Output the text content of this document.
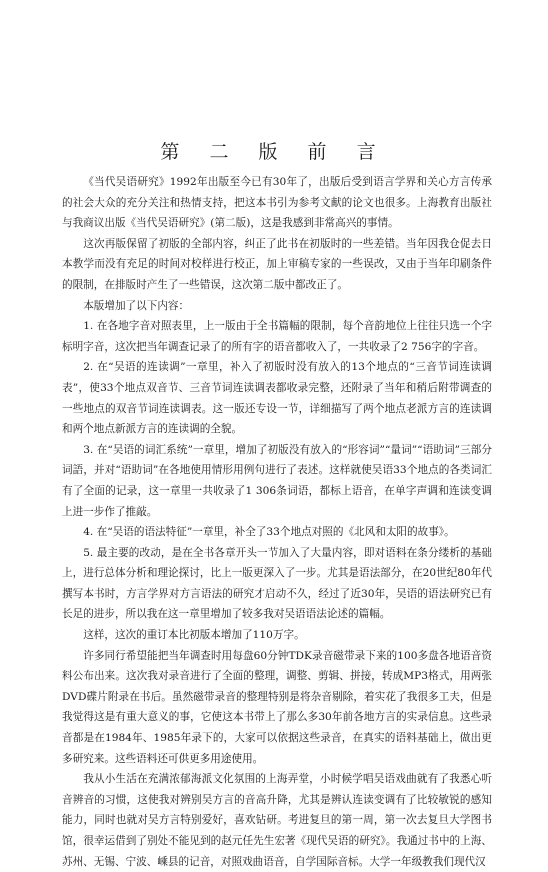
第 二 版 前 言

《当代吴语研究》1992年出版至今已有30年了，出版后受到语言学界和关心方言传承的社会大众的充分关注和热情支持，把这本书引为参考文献的论文也很多。上海教育出版社与我商议出版《当代吴语研究》(第二版)，这是我感到非常高兴的事情。

这次再版保留了初版的全部内容，纠正了此书在初版时的一些差错。当年因我仓促去日本教学而没有充足的时间对校样进行校正，加上审稿专家的一些误改，又由于当年印刷条件的限制，在排版时产生了一些错误，这次第二版中都改正了。

本版增加了以下内容：

1. 在各地字音对照表里，上一版由于全书篇幅的限制，每个音韵地位上往往只选一个字标明字音，这次把当年调查记录了的所有字的语音都收入了，一共收录了2 756字的字音。

2. 在“吴语的连读调”一章里，补入了初版时没有放入的13个地点的“三音节词连读调表”，使33个地点双音节、三音节词连读调表都收录完整，还附录了当年和稍后附带调查的一些地点的双音节词连读调表。这一版还专设一节，详细描写了两个地点老派方言的连读调和两个地点新派方言的连读调的全貌。

3. 在“吴语的词汇系统”一章里，增加了初版没有放入的“形容词”“量词”“语助词”三部分词語，并对“语助词”在各地使用情形用例句进行了表述。这样就使吴语33个地点的各类词汇有了全面的记录，这一章里一共收录了1 306条词语，都标上语音，在单字声调和连读变调上进一步作了推敲。

4. 在“吴语的语法特征”一章里，补全了33个地点对照的《北风和太阳的故事》。

5. 最主要的改动，是在全书各章开头一节加入了大量内容，即对语料在条分缕析的基础上，进行总体分析和理论探讨，比上一版更深入了一步。尤其是语法部分，在20世纪80年代撰写本书时，方言学界对方言语法的研究才启动不久，经过了近30年，吴语的语法研究已有长足的进步，所以我在这一章里增加了较多我对吴语语法论述的篇幅。

这样，这次的重订本比初版本增加了110万字。

许多同行希望能把当年调查时用每盘60分钟TDK录音磁带录下来的100多盘各地语音资料公布出来。这次我对录音进行了全面的整理，调整、剪辑、拼接，转成MP3格式，用两张DVD碟片附录在书后。虽然磁带录音的整理特别是将杂音剔除，着实花了我很多工夫，但是我觉得这是有重大意义的事，它使这本书带上了那么多30年前各地方言的实录信息。这些录音都是在1984年、1985年录下的，大家可以依据这些录音，在真实的语料基础上，做出更多研究来。这些语料还可供更多用途使用。

我从小生活在充满浓郁海派文化氛围的上海弄堂，小时候学唱吴语戏曲就有了我悉心听音辨音的习惯，这使我对辨别吴方言的音高升降，尤其是辨认连读变调有了比较敏锐的感知能力，同时也就对吴方言特别爱好，喜欢钻研。考进复旦的第一周，第一次去复旦大学图书馆，很幸运借到了别处不能见到的赵元任先生宏著《现代吴语的研究》。我通过书中的上海、苏州、无锡、宁波、嵊县的记音，对照戏曲语音，自学国际音标。大学一年级教我们现代汉
